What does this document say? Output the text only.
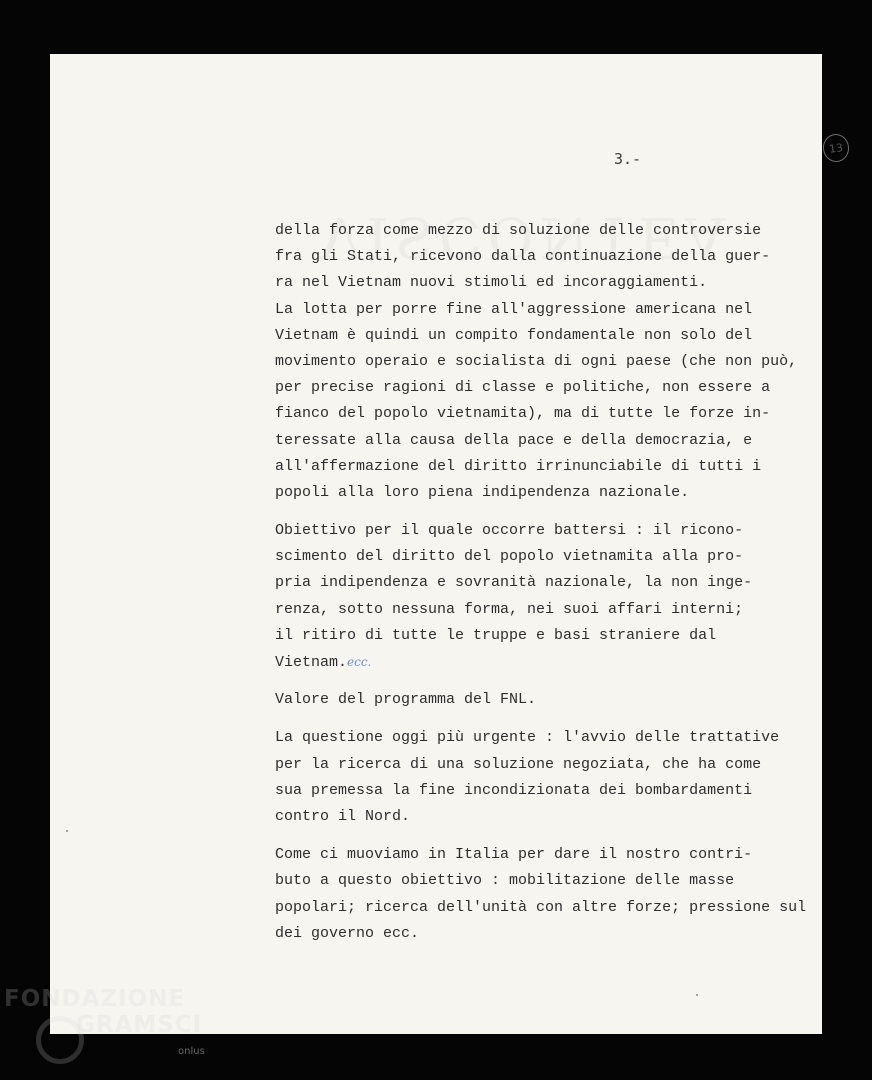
13
3.-
della forza come mezzo di soluzione delle controversie
fra gli Stati, ricevono dalla continuazione della guer-
ra nel Vietnam nuovi stimoli ed incoraggiamenti.
La lotta per porre fine all'aggressione americana nel
Vietnam è quindi un compito fondamentale non solo del
movimento operaio e socialista di ogni paese (che non può,
per precise ragioni di classe e politiche, non essere a
fianco del popolo vietnamita), ma di tutte le forze in-
teressate alla causa della pace e della democrazia, e
all'affermazione del diritto irrinunciabile di tutti i
popoli alla loro piena indipendenza nazionale.
Obiettivo per il quale occorre battersi : il ricono-
scimento del diritto del popolo vietnamita alla pro-
pria indipendenza e sovranità nazionale, la non inge-
renza, sotto nessuna forma, nei suoi affari interni;
il ritiro di tutte le truppe e basi straniere dal
Vietnam.ecc.
Valore del programma del FNL.
La questione oggi più urgente : l'avvio delle trattative
per la ricerca di una soluzione negoziata, che ha come
sua premessa la fine incondizionata dei bombardamenti
contro il Nord.
Come ci muoviamo in Italia per dare il nostro contri-
buto a questo obiettivo : mobilitazione delle masse
popolari; ricerca dell'unità con altre forze; pressione sul
dei governo ecc.
FONDAZIONE
GRAMSCI
onlus
